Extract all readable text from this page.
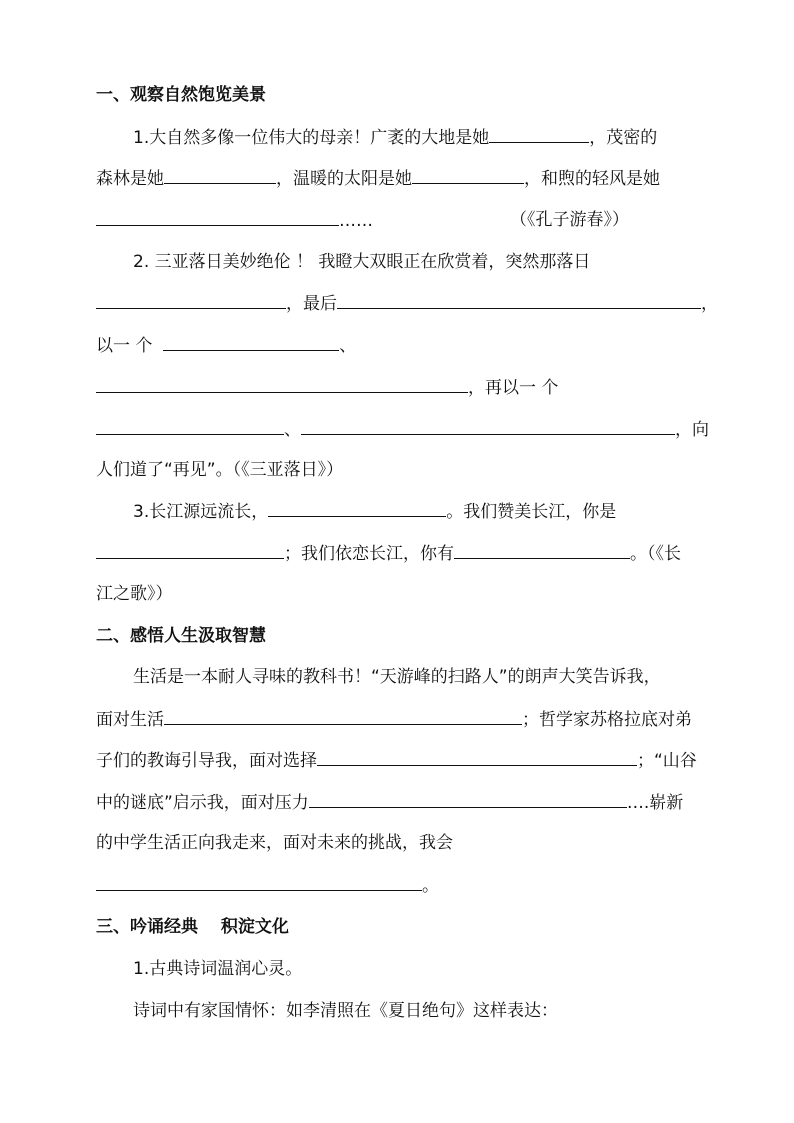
一、观察自然饱览美景
1.大自然多像一位伟大的母亲！广袤的大地是她	，茂密的
森林是她	，温暖的太阳是她	，和煦的轻风是她
……	（《孔子游春》）
2. 三亚落日美妙绝伦 ！ 我瞪大双眼正在欣赏着，突然那落日
，最后	，
以一 个	、
，再以一 个
、	，向
人们道了“再见”。（《三亚落日》）
3.长江源远流长，	。我们赞美长江，你是
；我们依恋长江，你有	。（《长
江之歌》）
二、感悟人生汲取智慧
生活是一本耐人寻味的教科书！“天游峰的扫路人”的朗声大笑告诉我，
面对生活	；哲学家苏格拉底对弟
子们的教诲引导我，面对选择	；“山谷
中的谜底”启示我，面对压力	….崭新
的中学生活正向我走来，面对未来的挑战，我会
。
三、吟诵经典　 积淀文化
1.古典诗词温润心灵。
诗词中有家国情怀：如李清照在《夏日绝句》这样表达：
